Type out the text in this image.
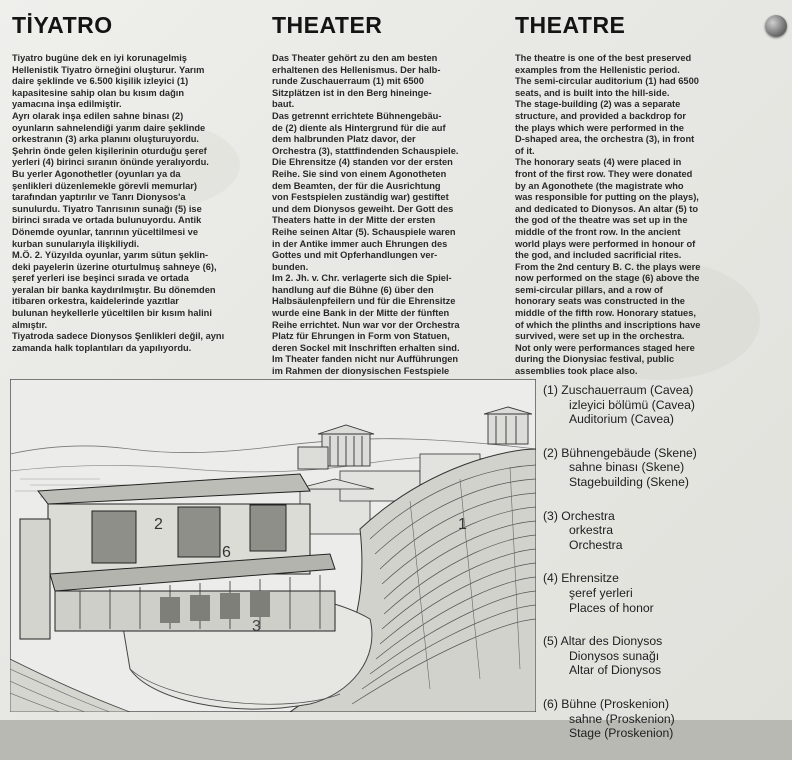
TİYATRO

Tiyatro bugüne dek en iyi korunagelmiş
Hellenistik Tiyatro örneğini oluşturur. Yarım
daire şeklinde ve 6.500 kişilik izleyici (1)
kapasitesine sahip olan bu kısım dağın
yamacına inşa edilmiştir.
Ayrı olarak inşa edilen sahne binası (2)
oyunların sahnelendiği yarım daire şeklinde
orkestranın (3) arka planını oluşturuyordu.
Şehrin önde gelen kişilerinin oturduğu şeref
yerleri (4) birinci sıranın önünde yeralıyordu.
Bu yerler Agonothetler (oyunları ya da
şenlikleri düzenlemekle görevli memurlar)
tarafından yaptırılır ve Tanrı Dionysos'a
sunulurdu. Tiyatro Tanrısının sunağı (5) ise
birinci sırada ve ortada bulunuyordu. Antik
Dönemde oyunlar, tanrının yüceltilmesi ve
kurban sunularıyla ilişkiliydi.
M.Ö. 2. Yüzyılda oyunlar, yarım sütun şeklin-
deki payelerin üzerine oturtulmuş sahneye (6),
şeref yerleri ise beşinci sırada ve ortada
yeralan bir banka kaydırılmıştır. Bu dönemden
itibaren orkestra, kaidelerinde yazıtlar
bulunan heykellerle yüceltilen bir kısım halini
almıştır.
Tiyatroda sadece Dionysos Şenlikleri değil, aynı
zamanda halk toplantıları da yapılıyordu.

THEATER

Das Theater gehört zu den am besten
erhaltenen des Hellenismus. Der halb-
runde Zuschauerraum (1) mit 6500
Sitzplätzen ist in den Berg hineinge-
baut.
Das getrennt errichtete Bühnengebäu-
de (2) diente als Hintergrund für die auf
dem halbrunden Platz davor, der
Orchestra (3), stattfindenden Schauspiele.
Die Ehrensitze (4) standen vor der ersten
Reihe. Sie sind von einem Agonotheten
dem Beamten, der für die Ausrichtung
von Festspielen zuständig war) gestiftet
und dem Dionysos geweiht. Der Gott des
Theaters hatte in der Mitte der ersten
Reihe seinen Altar (5). Schauspiele waren
in der Antike immer auch Ehrungen des
Gottes und mit Opferhandlungen ver-
bunden.
Im 2. Jh. v. Chr. verlagerte sich die Spiel-
handlung auf die Bühne (6) über den
Halbsäulenpfeilern und für die Ehrensitze
wurde eine Bank in der Mitte der fünften
Reihe errichtet. Nun war vor der Orchestra
Platz für Ehrungen in Form von Statuen,
deren Sockel mit Inschriften erhalten sind.
Im Theater fanden nicht nur Aufführungen
im Rahmen der dionysischen Festspiele

THEATRE

The theatre is one of the best preserved
examples from the Hellenistic period.
The semi-circular auditorium (1) had 6500
seats, and is built into the hill-side.
The stage-building (2) was a separate
structure, and provided a backdrop for
the plays which were performed in the
D-shaped area, the orchestra (3), in front
of it.
The honorary seats (4) were placed in
front of the first row. They were donated
by an Agonothete (the magistrate who
was responsible for putting on the plays),
and dedicated to Dionysos. An altar (5) to
the god of the theatre was set up in the
middle of the front row. In the ancient
world plays were performed in honour of
the god, and included sacrificial rites.
From the 2nd century B. C. the plays were
now performed on the stage (6) above the
semi-circular pillars, and a row of
honorary seats was constructed in the
middle of the fifth row. Honorary statues,
of which the plinths and inscriptions have
survived, were set up in the orchestra.
Not only were performances staged here
during the Dionysiac festival, public
assemblies took place also.

2
6
3
1
(1) Zuschauerraum (Cavea)
izleyici bölümü (Cavea)
Auditorium (Cavea)
(2) Bühnengebäude (Skene)
sahne binası (Skene)
Stagebuilding (Skene)
(3) Orchestra
orkestra
Orchestra
(4) Ehrensitze
şeref yerleri
Places of honor
(5) Altar des Dionysos
Dionysos sunağı
Altar of Dionysos
(6) Bühne (Proskenion)
sahne (Proskenion)
Stage (Proskenion)
